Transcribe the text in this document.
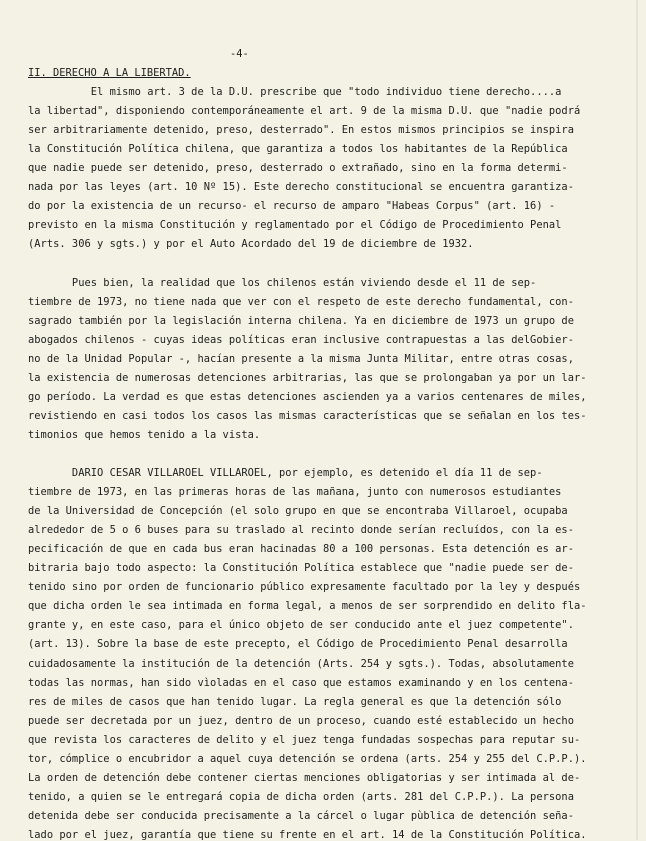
-4-
II. DERECHO A LA LIBERTAD.
El mismo art. 3 de la D.U. prescribe que "todo individuo tiene derecho....a
la libertad", disponiendo contemporáneamente el art. 9 de la misma D.U. que "nadie podrá
ser arbitrariamente detenido, preso, desterrado". En estos mismos principios se inspira
la Constitución Política chilena, que garantiza a todos los habitantes de la República
que nadie puede ser detenido, preso, desterrado o extrañado, sino en la forma determi-
nada por las leyes (art. 10 Nº 15). Este derecho constitucional se encuentra garantiza-
do por la existencia de un recurso- el recurso de amparo "Habeas Corpus" (art. 16) -
previsto en la misma Constitución y reglamentado por el Código de Procedimiento Penal
(Arts. 306 y sgts.) y por el Auto Acordado del 19 de diciembre de 1932.
Pues bien, la realidad que los chilenos están viviendo desde el 11 de sep-
tiembre de 1973, no tiene nada que ver con el respeto de este derecho fundamental, con-
sagrado también por la legislación interna chilena. Ya en diciembre de 1973 un grupo de
abogados chilenos - cuyas ideas políticas eran inclusive contrapuestas a las delGobier-
no de la Unidad Popular -, hacían presente a la misma Junta Militar, entre otras cosas,
la existencia de numerosas detenciones arbitrarias, las que se prolongaban ya por un lar-
go período. La verdad es que estas detenciones ascienden ya a varios centenares de miles,
revistiendo en casi todos los casos las mismas características que se señalan en los tes-
timonios que hemos tenido a la vista.
DARIO CESAR VILLAROEL VILLAROEL, por ejemplo, es detenido el día 11 de sep-
tiembre de 1973, en las primeras horas de las mañana, junto con numerosos estudiantes
de la Universidad de Concepción (el solo grupo en que se encontraba Villaroel, ocupaba
alrededor de 5 o 6 buses para su traslado al recinto donde serían recluídos, con la es-
pecificación de que en cada bus eran hacinadas 80 a 100 personas. Esta detención es ar-
bitraria bajo todo aspecto: la Constitución Política establece que "nadie puede ser de-
tenido sino por orden de funcionario público expresamente facultado por la ley y después
que dicha orden le sea intimada en forma legal, a menos de ser sorprendido en delito fla-
grante y, en este caso, para el único objeto de ser conducido ante el juez competente".
(art. 13). Sobre la base de este precepto, el Código de Procedimiento Penal desarrolla
cuidadosamente la institución de la detención (Arts. 254 y sgts.). Todas, absolutamente
todas las normas, han sido vìoladas en el caso que estamos examinando y en los centena-
res de miles de casos que han tenido lugar. La regla general es que la detención sólo
puede ser decretada por un juez, dentro de un proceso, cuando esté establecido un hecho
que revista los caracteres de delito y el juez tenga fundadas sospechas para reputar su-
tor, cómplice o encubridor a aquel cuya detención se ordena (arts. 254 y 255 del C.P.P.).
La orden de detención debe contener ciertas menciones obligatorias y ser intimada al de-
tenido, a quien se le entregará copia de dicha orden (arts. 281 del C.P.P.). La persona
detenida debe ser conducida precisamente a la cárcel o lugar pùblica de detención seña-
lado por el juez, garantía que tiene su frente en el art. 14 de la Constitución Política.
